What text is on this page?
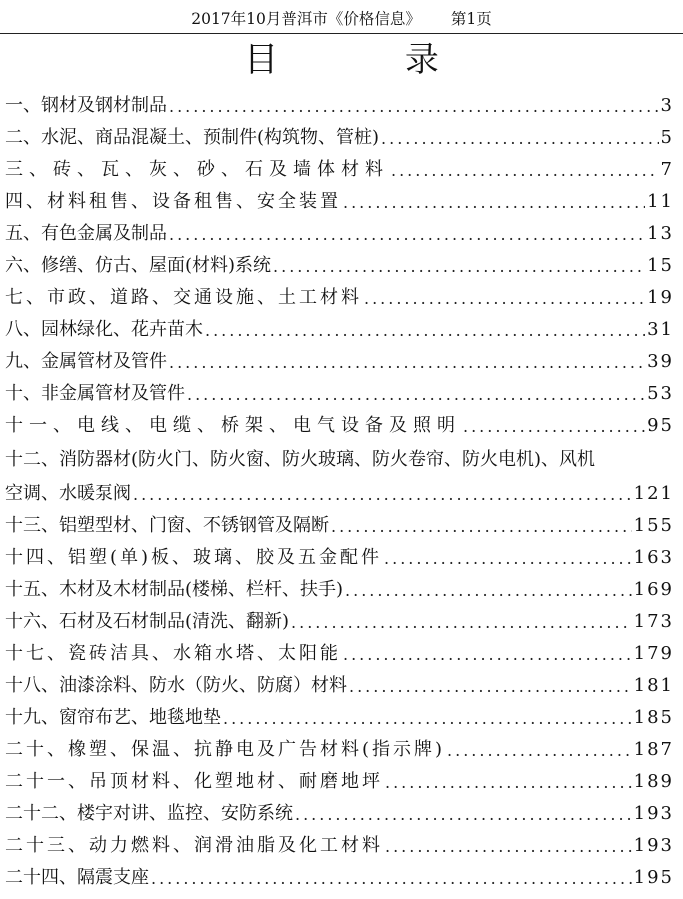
2017年10月普洱市《价格信息》 第1页
目 录
一、钢材及钢材制品 .....	3
二、水泥、商品混凝土、预制件(构筑物、管桩) .....	5
三、砖、瓦、灰、砂、石及墙体材料 .....	7
四、材料租售、设备租售、安全装置 .....	11
五、有色金属及制品 .....	13
六、修缮、仿古、屋面(材料)系统 .....	15
七、市政、道路、交通设施、土工材料 .....	19
八、园林绿化、花卉苗木 .....	31
九、金属管材及管件 .....	39
十、非金属管材及管件 .....	53
十一、电线、电缆、桥架、电气设备及照明 .....	95
十二、消防器材(防火门、防火窗、防火玻璃、防火卷帘、防火电机)、风机
空调、水暖泵阀 .....	121
十三、铝塑型材、门窗、不锈钢管及隔断 .....	155
十四、铝塑(单)板、玻璃、胶及五金配件 .....	163
十五、木材及木材制品(楼梯、栏杆、扶手) .....	169
十六、石材及石材制品(清洗、翻新) .....	173
十七、瓷砖洁具、水箱水塔、太阳能 .....	179
十八、油漆涂料、防水（防火、防腐）材料 .....	181
十九、窗帘布艺、地毯地垫 .....	185
二十、橡塑、保温、抗静电及广告材料(指示牌) .....	187
二十一、吊顶材料、化塑地材、耐磨地坪 .....	189
二十二、楼宇对讲、监控、安防系统 .....	193
二十三、动力燃料、润滑油脂及化工材料 .....	193
二十四、隔震支座 .....	195
